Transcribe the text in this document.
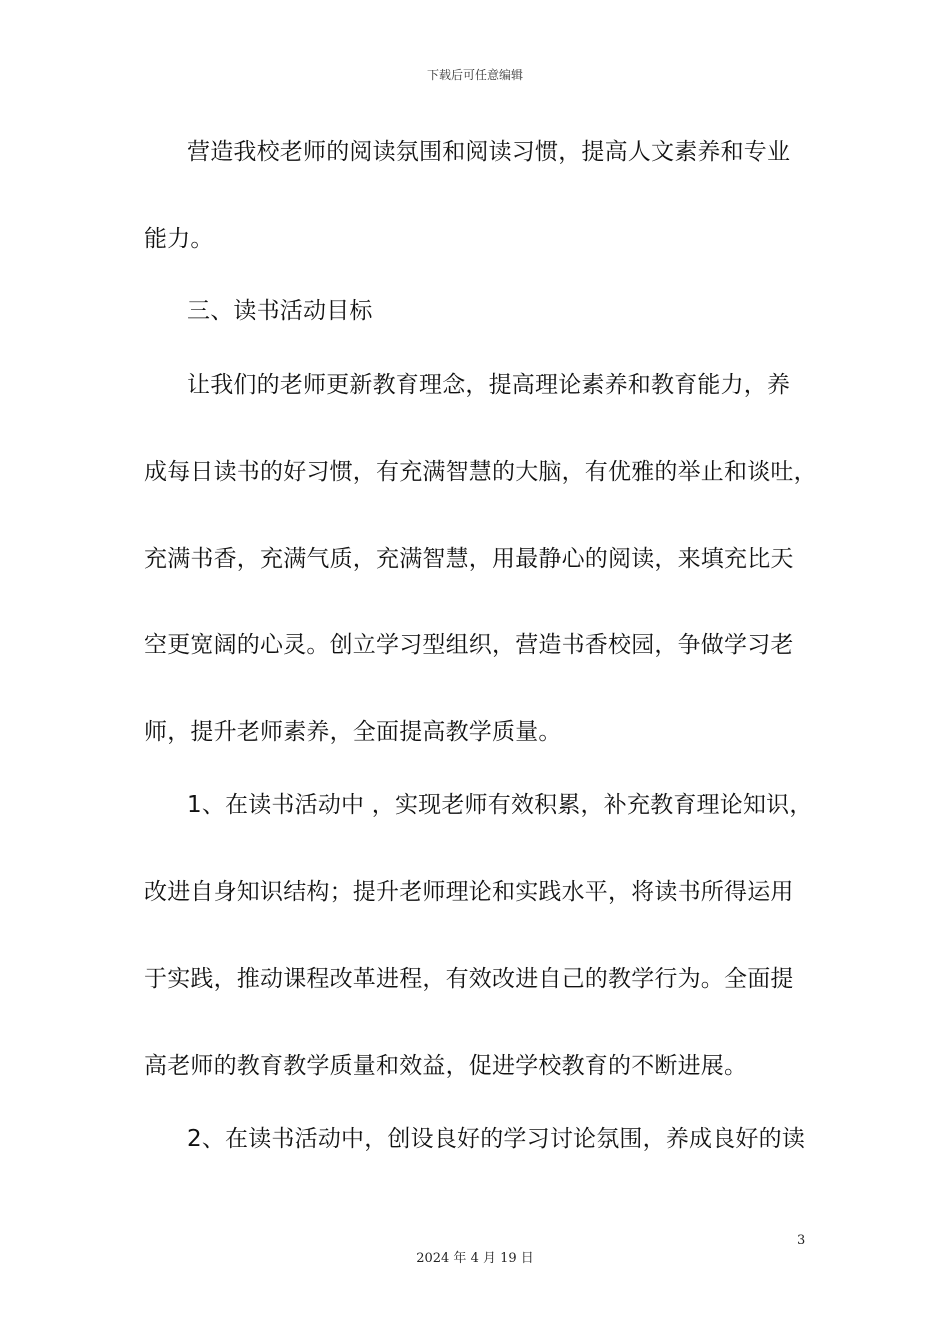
下载后可任意编辑
营造我校老师的阅读氛围和阅读习惯，提高人文素养和专业
能力。
三、读书活动目标
让我们的老师更新教育理念，提高理论素养和教育能力，养
成每日读书的好习惯，有充满智慧的大脑，有优雅的举止和谈吐，
充满书香，充满气质，充满智慧，用最静心的阅读，来填充比天
空更宽阔的心灵。创立学习型组织，营造书香校园，争做学习老
师，提升老师素养，全面提高教学质量。
1、在读书活动中 ，实现老师有效积累，补充教育理论知识，
改进自身知识结构；提升老师理论和实践水平，将读书所得运用
于实践，推动课程改革进程，有效改进自己的教学行为。全面提
高老师的教育教学质量和效益，促进学校教育的不断进展。
2、在读书活动中，创设良好的学习讨论氛围，养成良好的读
3
2024 年 4 月 19 日
